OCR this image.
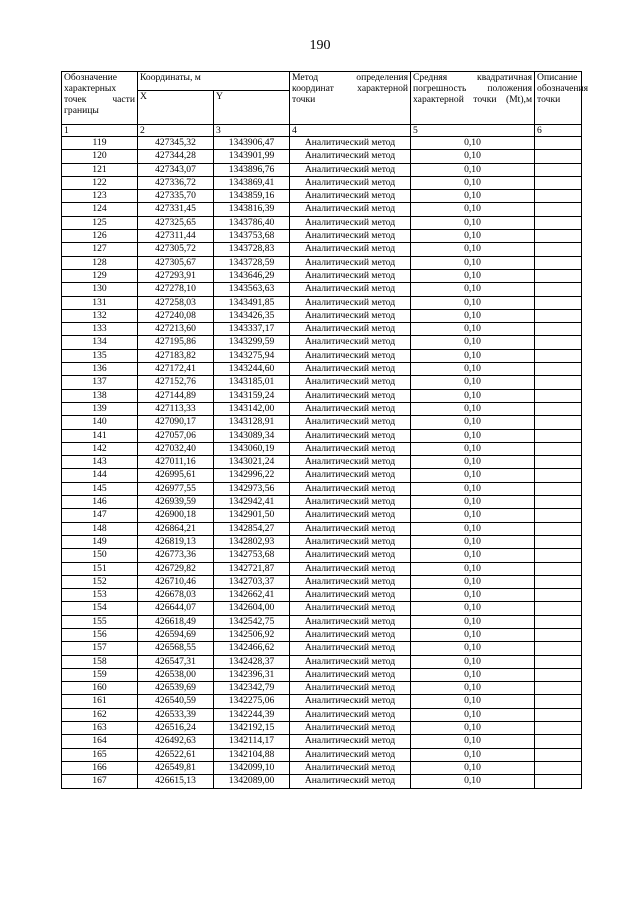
190
Обозначение характерных точек части границы	Координаты, м		Метод определения координат характерной точки	Средняя квадратичная погрешность положения характерной точки (Mt),м	Описание обозначения точки
	X	Y			
1	2	3	4	5	6
119	427345,32	1343906,47	Аналитический метод	0,10	
120	427344,28	1343901,99	Аналитический метод	0,10	
121	427343,07	1343896,76	Аналитический метод	0,10	
122	427336,72	1343869,41	Аналитический метод	0,10	
123	427335,70	1343859,16	Аналитический метод	0,10	
124	427331,45	1343816,39	Аналитический метод	0,10	
125	427325,65	1343786,40	Аналитический метод	0,10	
126	427311,44	1343753,68	Аналитический метод	0,10	
127	427305,72	1343728,83	Аналитический метод	0,10	
128	427305,67	1343728,59	Аналитический метод	0,10	
129	427293,91	1343646,29	Аналитический метод	0,10	
130	427278,10	1343563,63	Аналитический метод	0,10	
131	427258,03	1343491,85	Аналитический метод	0,10	
132	427240,08	1343426,35	Аналитический метод	0,10	
133	427213,60	1343337,17	Аналитический метод	0,10	
134	427195,86	1343299,59	Аналитический метод	0,10	
135	427183,82	1343275,94	Аналитический метод	0,10	
136	427172,41	1343244,60	Аналитический метод	0,10	
137	427152,76	1343185,01	Аналитический метод	0,10	
138	427144,89	1343159,24	Аналитический метод	0,10	
139	427113,33	1343142,00	Аналитический метод	0,10	
140	427090,17	1343128,91	Аналитический метод	0,10	
141	427057,06	1343089,34	Аналитический метод	0,10	
142	427032,40	1343060,19	Аналитический метод	0,10	
143	427011,16	1343021,24	Аналитический метод	0,10	
144	426995,61	1342996,22	Аналитический метод	0,10	
145	426977,55	1342973,56	Аналитический метод	0,10	
146	426939,59	1342942,41	Аналитический метод	0,10	
147	426900,18	1342901,50	Аналитический метод	0,10	
148	426864,21	1342854,27	Аналитический метод	0,10	
149	426819,13	1342802,93	Аналитический метод	0,10	
150	426773,36	1342753,68	Аналитический метод	0,10	
151	426729,82	1342721,87	Аналитический метод	0,10	
152	426710,46	1342703,37	Аналитический метод	0,10	
153	426678,03	1342662,41	Аналитический метод	0,10	
154	426644,07	1342604,00	Аналитический метод	0,10	
155	426618,49	1342542,75	Аналитический метод	0,10	
156	426594,69	1342506,92	Аналитический метод	0,10	
157	426568,55	1342466,62	Аналитический метод	0,10	
158	426547,31	1342428,37	Аналитический метод	0,10	
159	426538,00	1342396,31	Аналитический метод	0,10	
160	426539,69	1342342,79	Аналитический метод	0,10	
161	426540,59	1342275,06	Аналитический метод	0,10	
162	426533,39	1342244,39	Аналитический метод	0,10	
163	426516,24	1342192,15	Аналитический метод	0,10	
164	426492,63	1342114,17	Аналитический метод	0,10	
165	426522,61	1342104,88	Аналитический метод	0,10	
166	426549,81	1342099,10	Аналитический метод	0,10	
167	426615,13	1342089,00	Аналитический метод	0,10	
